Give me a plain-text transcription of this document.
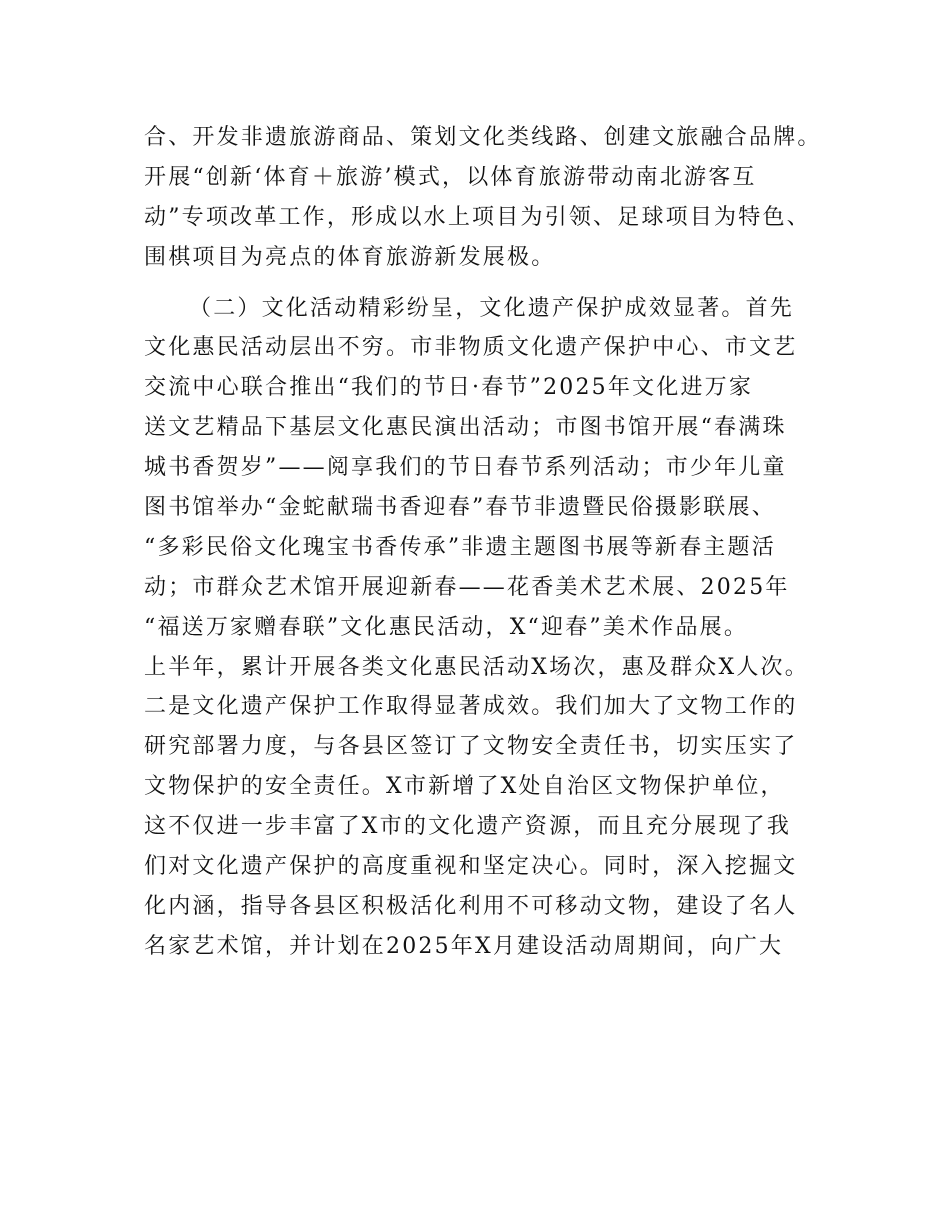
合、开发非遗旅游商品、策划文化类线路、创建文旅融合品牌。
开展“创新‘体育＋旅游’模式，以体育旅游带动南北游客互
动”专项改革工作，形成以水上项目为引领、足球项目为特色、
围棋项目为亮点的体育旅游新发展极。
（二）文化活动精彩纷呈，文化遗产保护成效显著。首先
文化惠民活动层出不穷。市非物质文化遗产保护中心、市文艺
交流中心联合推出“我们的节日·春节”2025年文化进万家
送文艺精品下基层文化惠民演出活动；市图书馆开展“春满珠
城书香贺岁”——阅享我们的节日春节系列活动；市少年儿童
图书馆举办“金蛇献瑞书香迎春”春节非遗暨民俗摄影联展、
“多彩民俗文化瑰宝书香传承”非遗主题图书展等新春主题活
动；市群众艺术馆开展迎新春——花香美术艺术展、2025年
“福送万家赠春联”文化惠民活动，X“迎春”美术作品展。
上半年，累计开展各类文化惠民活动X场次，惠及群众X人次。
二是文化遗产保护工作取得显著成效。我们加大了文物工作的
研究部署力度，与各县区签订了文物安全责任书，切实压实了
文物保护的安全责任。X市新增了X处自治区文物保护单位，
这不仅进一步丰富了X市的文化遗产资源，而且充分展现了我
们对文化遗产保护的高度重视和坚定决心。同时，深入挖掘文
化内涵，指导各县区积极活化利用不可移动文物，建设了名人
名家艺术馆，并计划在2025年X月建设活动周期间，向广大
